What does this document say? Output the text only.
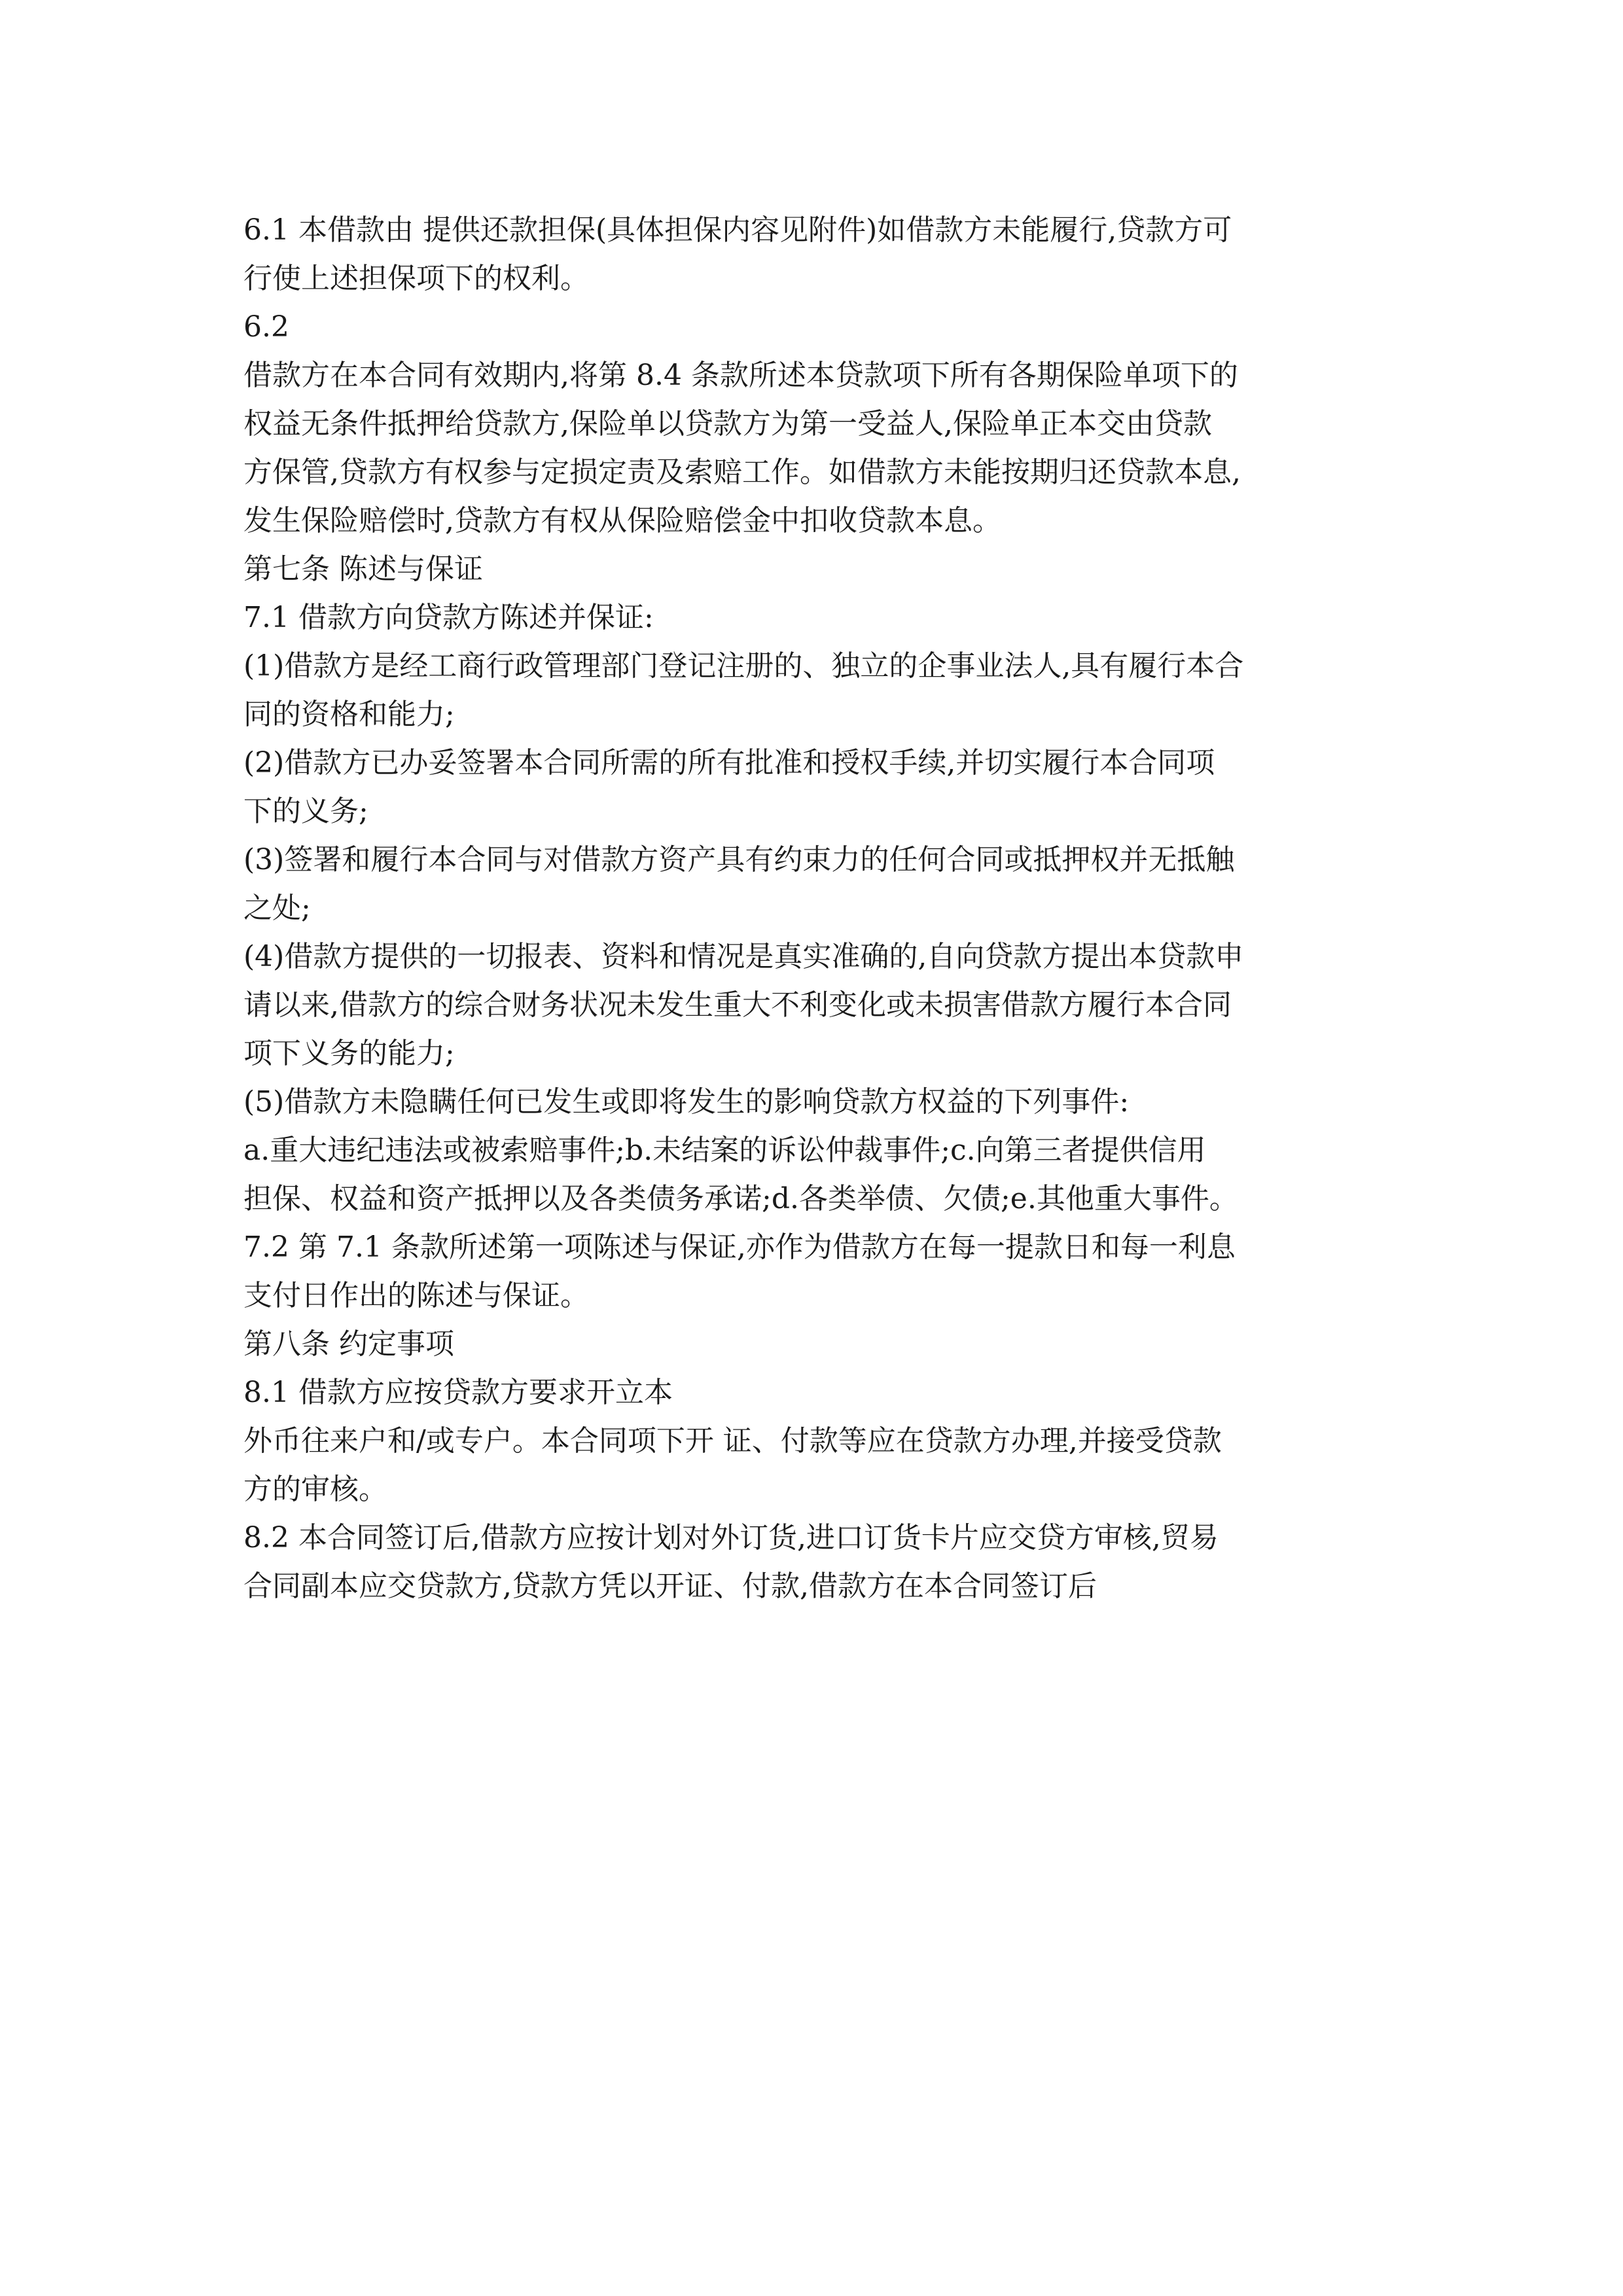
6.1 本借款由 提供还款担保(具体担保内容见附件)如借款方未能履行,贷款方可
行使上述担保项下的权利。
6.2
借款方在本合同有效期内,将第 8.4 条款所述本贷款项下所有各期保险单项下的
权益无条件抵押给贷款方,保险单以贷款方为第一受益人,保险单正本交由贷款
方保管,贷款方有权参与定损定责及索赔工作。如借款方未能按期归还贷款本息,
发生保险赔偿时,贷款方有权从保险赔偿金中扣收贷款本息。
第七条 陈述与保证
7.1 借款方向贷款方陈述并保证:
(1)借款方是经工商行政管理部门登记注册的、独立的企事业法人,具有履行本合
同的资格和能力;
(2)借款方已办妥签署本合同所需的所有批准和授权手续,并切实履行本合同项
下的义务;
(3)签署和履行本合同与对借款方资产具有约束力的任何合同或抵押权并无抵触
之处;
(4)借款方提供的一切报表、资料和情况是真实准确的,自向贷款方提出本贷款申
请以来,借款方的综合财务状况未发生重大不利变化或未损害借款方履行本合同
项下义务的能力;
(5)借款方未隐瞒任何已发生或即将发生的影响贷款方权益的下列事件:
a.重大违纪违法或被索赔事件;b.未结案的诉讼仲裁事件;c.向第三者提供信用
担保、权益和资产抵押以及各类债务承诺;d.各类举债、欠债;e.其他重大事件。
7.2 第 7.1 条款所述第一项陈述与保证,亦作为借款方在每一提款日和每一利息
支付日作出的陈述与保证。
第八条 约定事项
8.1 借款方应按贷款方要求开立本
外币往来户和/或专户。本合同项下开 证、付款等应在贷款方办理,并接受贷款
方的审核。
8.2 本合同签订后,借款方应按计划对外订货,进口订货卡片应交贷方审核,贸易
合同副本应交贷款方,贷款方凭以开证、付款,借款方在本合同签订后
